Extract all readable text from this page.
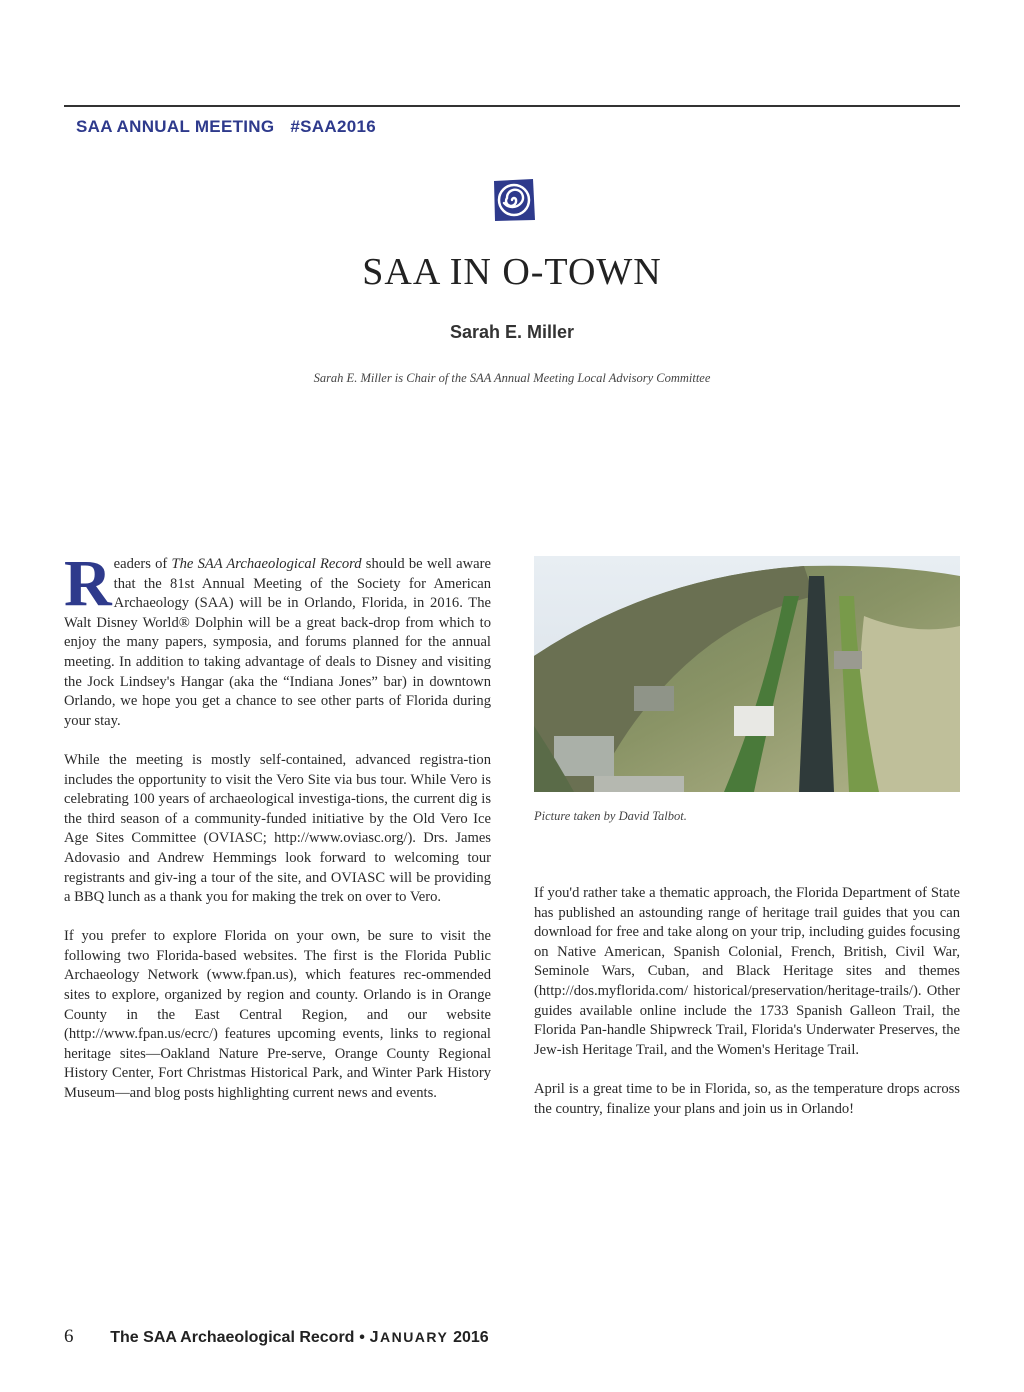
SAA ANNUAL MEETING #SAA2016
SAA IN O-TOWN
Sarah E. Miller
Sarah E. Miller is Chair of the SAA Annual Meeting Local Advisory Committee

Readers of The SAA Archaeological Record should be well aware that the 81st Annual Meeting of the Society for American Archaeology (SAA) will be in Orlando, Florida, in 2016. The Walt Disney World® Dolphin will be a great back-drop from which to enjoy the many papers, symposia, and forums planned for the annual meeting. In addition to taking advantage of deals to Disney and visiting the Jock Lindsey's Hangar (aka the “Indiana Jones” bar) in downtown Orlando, we hope you get a chance to see other parts of Florida during your stay.

While the meeting is mostly self-contained, advanced registra-tion includes the opportunity to visit the Vero Site via bus tour. While Vero is celebrating 100 years of archaeological investiga-tions, the current dig is the third season of a community-funded initiative by the Old Vero Ice Age Sites Committee (OVIASC; http://www.oviasc.org/). Drs. James Adovasio and Andrew Hemmings look forward to welcoming tour registrants and giv-ing a tour of the site, and OVIASC will be providing a BBQ lunch as a thank you for making the trek on over to Vero.

If you prefer to explore Florida on your own, be sure to visit the following two Florida-based websites. The first is the Florida Public Archaeology Network (www.fpan.us), which features rec-ommended sites to explore, organized by region and county. Orlando is in Orange County in the East Central Region, and our website (http://www.fpan.us/ecrc/) features upcoming events, links to regional heritage sites—Oakland Nature Pre-serve, Orange County Regional History Center, Fort Christmas Historical Park, and Winter Park History Museum—and blog posts highlighting current news and events.

Picture taken by David Talbot.

If you'd rather take a thematic approach, the Florida Department of State has published an astounding range of heritage trail guides that you can download for free and take along on your trip, including guides focusing on Native American, Spanish Colonial, French, British, Civil War, Seminole Wars, Cuban, and Black Heritage sites and themes (http://dos.myflorida.com/ historical/preservation/heritage-trails/). Other guides available online include the 1733 Spanish Galleon Trail, the Florida Pan-handle Shipwreck Trail, Florida's Underwater Preserves, the Jew-ish Heritage Trail, and the Women's Heritage Trail.

April is a great time to be in Florida, so, as the temperature drops across the country, finalize your plans and join us in Orlando!

6 The SAA Archaeological Record • JANUARY 2016
